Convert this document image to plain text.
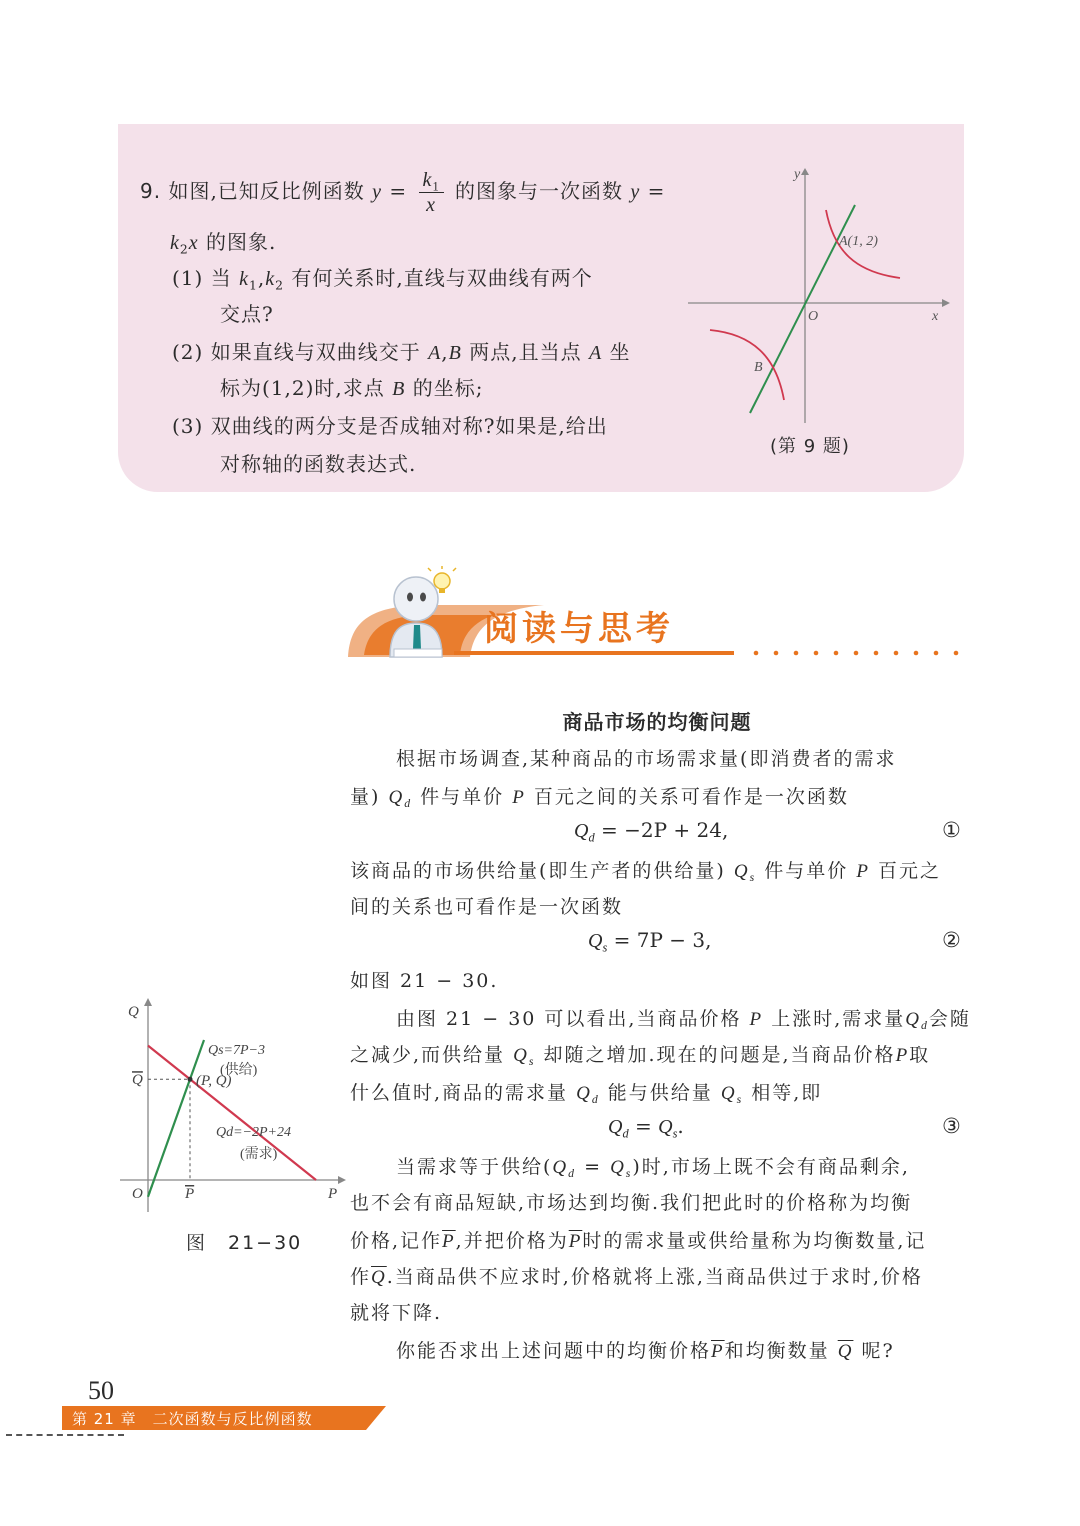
9. 如图,已知反比例函数 $y = \frac{k_1}{x}$ 的图象与一次函数 y =
$k_2x$ 的图象.
(1) 当 $k_1,k_2$ 有何关系时,直线与双曲线有两个
交点?
(2) 如果直线与双曲线交于 A,B 两点,且当点 A 坐
标为(1,2)时,求点 B 的坐标;
(3) 双曲线的两分支是否成轴对称?如果是,给出
对称轴的函数表达式.
y
x
O
A(1, 2)
B
(第 9 题)
阅读与思考
商品市场的均衡问题
根据市场调查,某种商品的市场需求量(即消费者的需求
量) $Q_d$ 件与单价 P 百元之间的关系可看作是一次函数
$Q_d = -2P + 24$,	①
该商品的市场供给量(即生产者的供给量) $Q_s$ 件与单价 P 百元之
间的关系也可看作是一次函数
$Q_s = 7P - 3$,	②
如图 21 − 30.
由图 21 − 30 可以看出,当商品价格 P 上涨时,需求量$Q_d$会随
之减少,而供给量 $Q_s$ 却随之增加.现在的问题是,当商品价格P取
什么值时,商品的需求量 $Q_d$ 能与供给量 $Q_s$ 相等,即
$Q_d = Q_s$.	③
当需求等于供给$(Q_d = Q_s)$时,市场上既不会有商品剩余,
也不会有商品短缺,市场达到均衡.我们把此时的价格称为均衡
价格,记作$\overline{P}$,并把价格为$\overline{P}$时的需求量或供给量称为均衡数量,记
作$\overline{Q}$.当商品供不应求时,价格就将上涨,当商品供过于求时,价格
就将下降.
你能否求出上述问题中的均衡价格$\overline{P}$和均衡数量 $\overline{Q}$ 呢?
Q
P
O	P
Q	(P, Q)
Qs=7P−3
(供给)
Qd=−2P+24
(需求)
图　21−30
50
第 21 章　二次函数与反比例函数
